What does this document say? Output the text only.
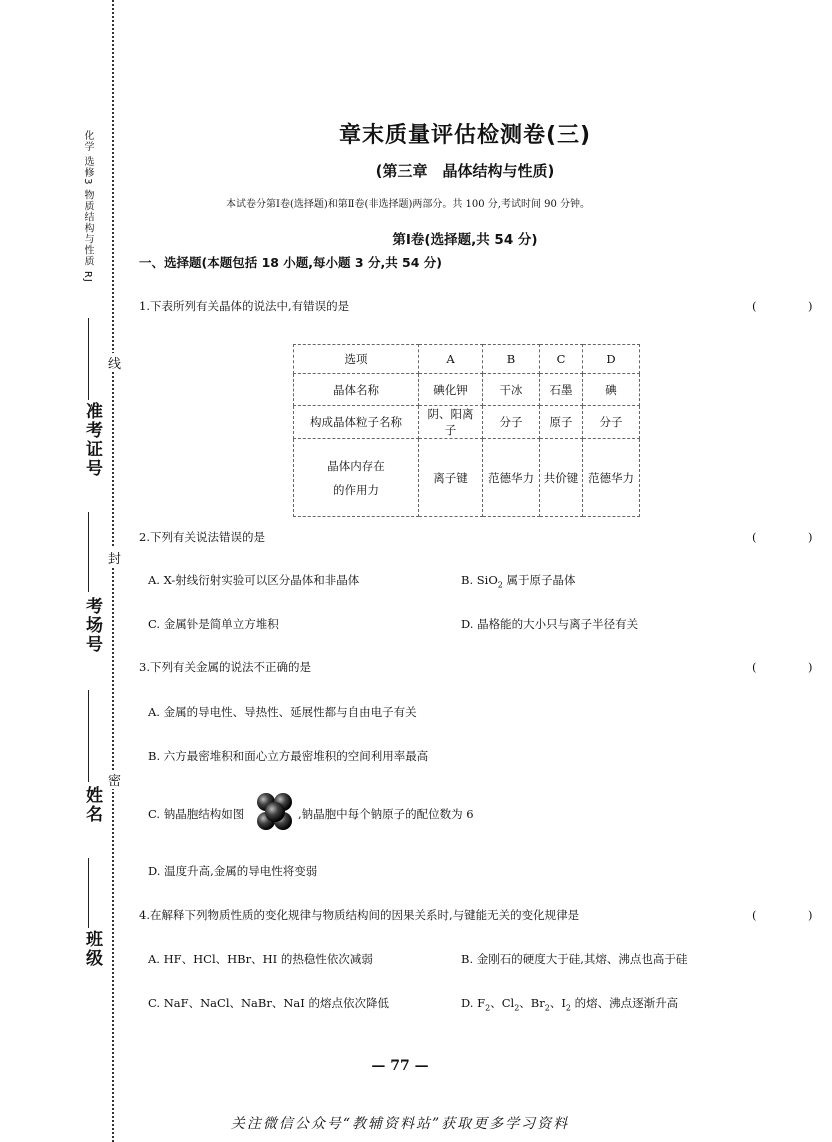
化学 选修3 物质结构与性质 RJ
准考证号
考场号
姓名
班级
线
封
密
章末质量评估检测卷(三)
(第三章　晶体结构与性质)
本试卷分第Ⅰ卷(选择题)和第Ⅱ卷(非选择题)两部分。共 100 分,考试时间 90 分钟。
第Ⅰ卷(选择题,共 54 分)
一、选择题(本题包括 18 小题,每小题 3 分,共 54 分)
1.下表所列有关晶体的说法中,有错误的是	(　)
选项	A	B	C	D
晶体名称	碘化钾	干冰	石墨	碘
构成晶体粒子名称	阴、阳离子	分子	原子	分子
晶体内存在
的作用力	离子键	范德华力	共价键	范德华力
2.下列有关说法错误的是	(　)
A. X-射线衍射实验可以区分晶体和非晶体	B. SiO$_2$ 属于原子晶体
C. 金属钋是简单立方堆积	D. 晶格能的大小只与离子半径有关
3.下列有关金属的说法不正确的是	(　)
A. 金属的导电性、导热性、延展性都与自由电子有关
B. 六方最密堆积和面心立方最密堆积的空间利用率最高
C. 钠晶胞结构如图	,钠晶胞中每个钠原子的配位数为 6
D. 温度升高,金属的导电性将变弱
4.在解释下列物质性质的变化规律与物质结构间的因果关系时,与键能无关的变化规律是	(　)
A. HF、HCl、HBr、HI 的热稳性依次减弱	B. 金刚石的硬度大于硅,其熔、沸点也高于硅
C. NaF、NaCl、NaBr、NaI 的熔点依次降低	D. $F_2$、$Cl_2$、$Br_2$、$I_2$ 的熔、沸点逐渐升高
— 77 —
关注微信公众号“教辅资料站”获取更多学习资料
